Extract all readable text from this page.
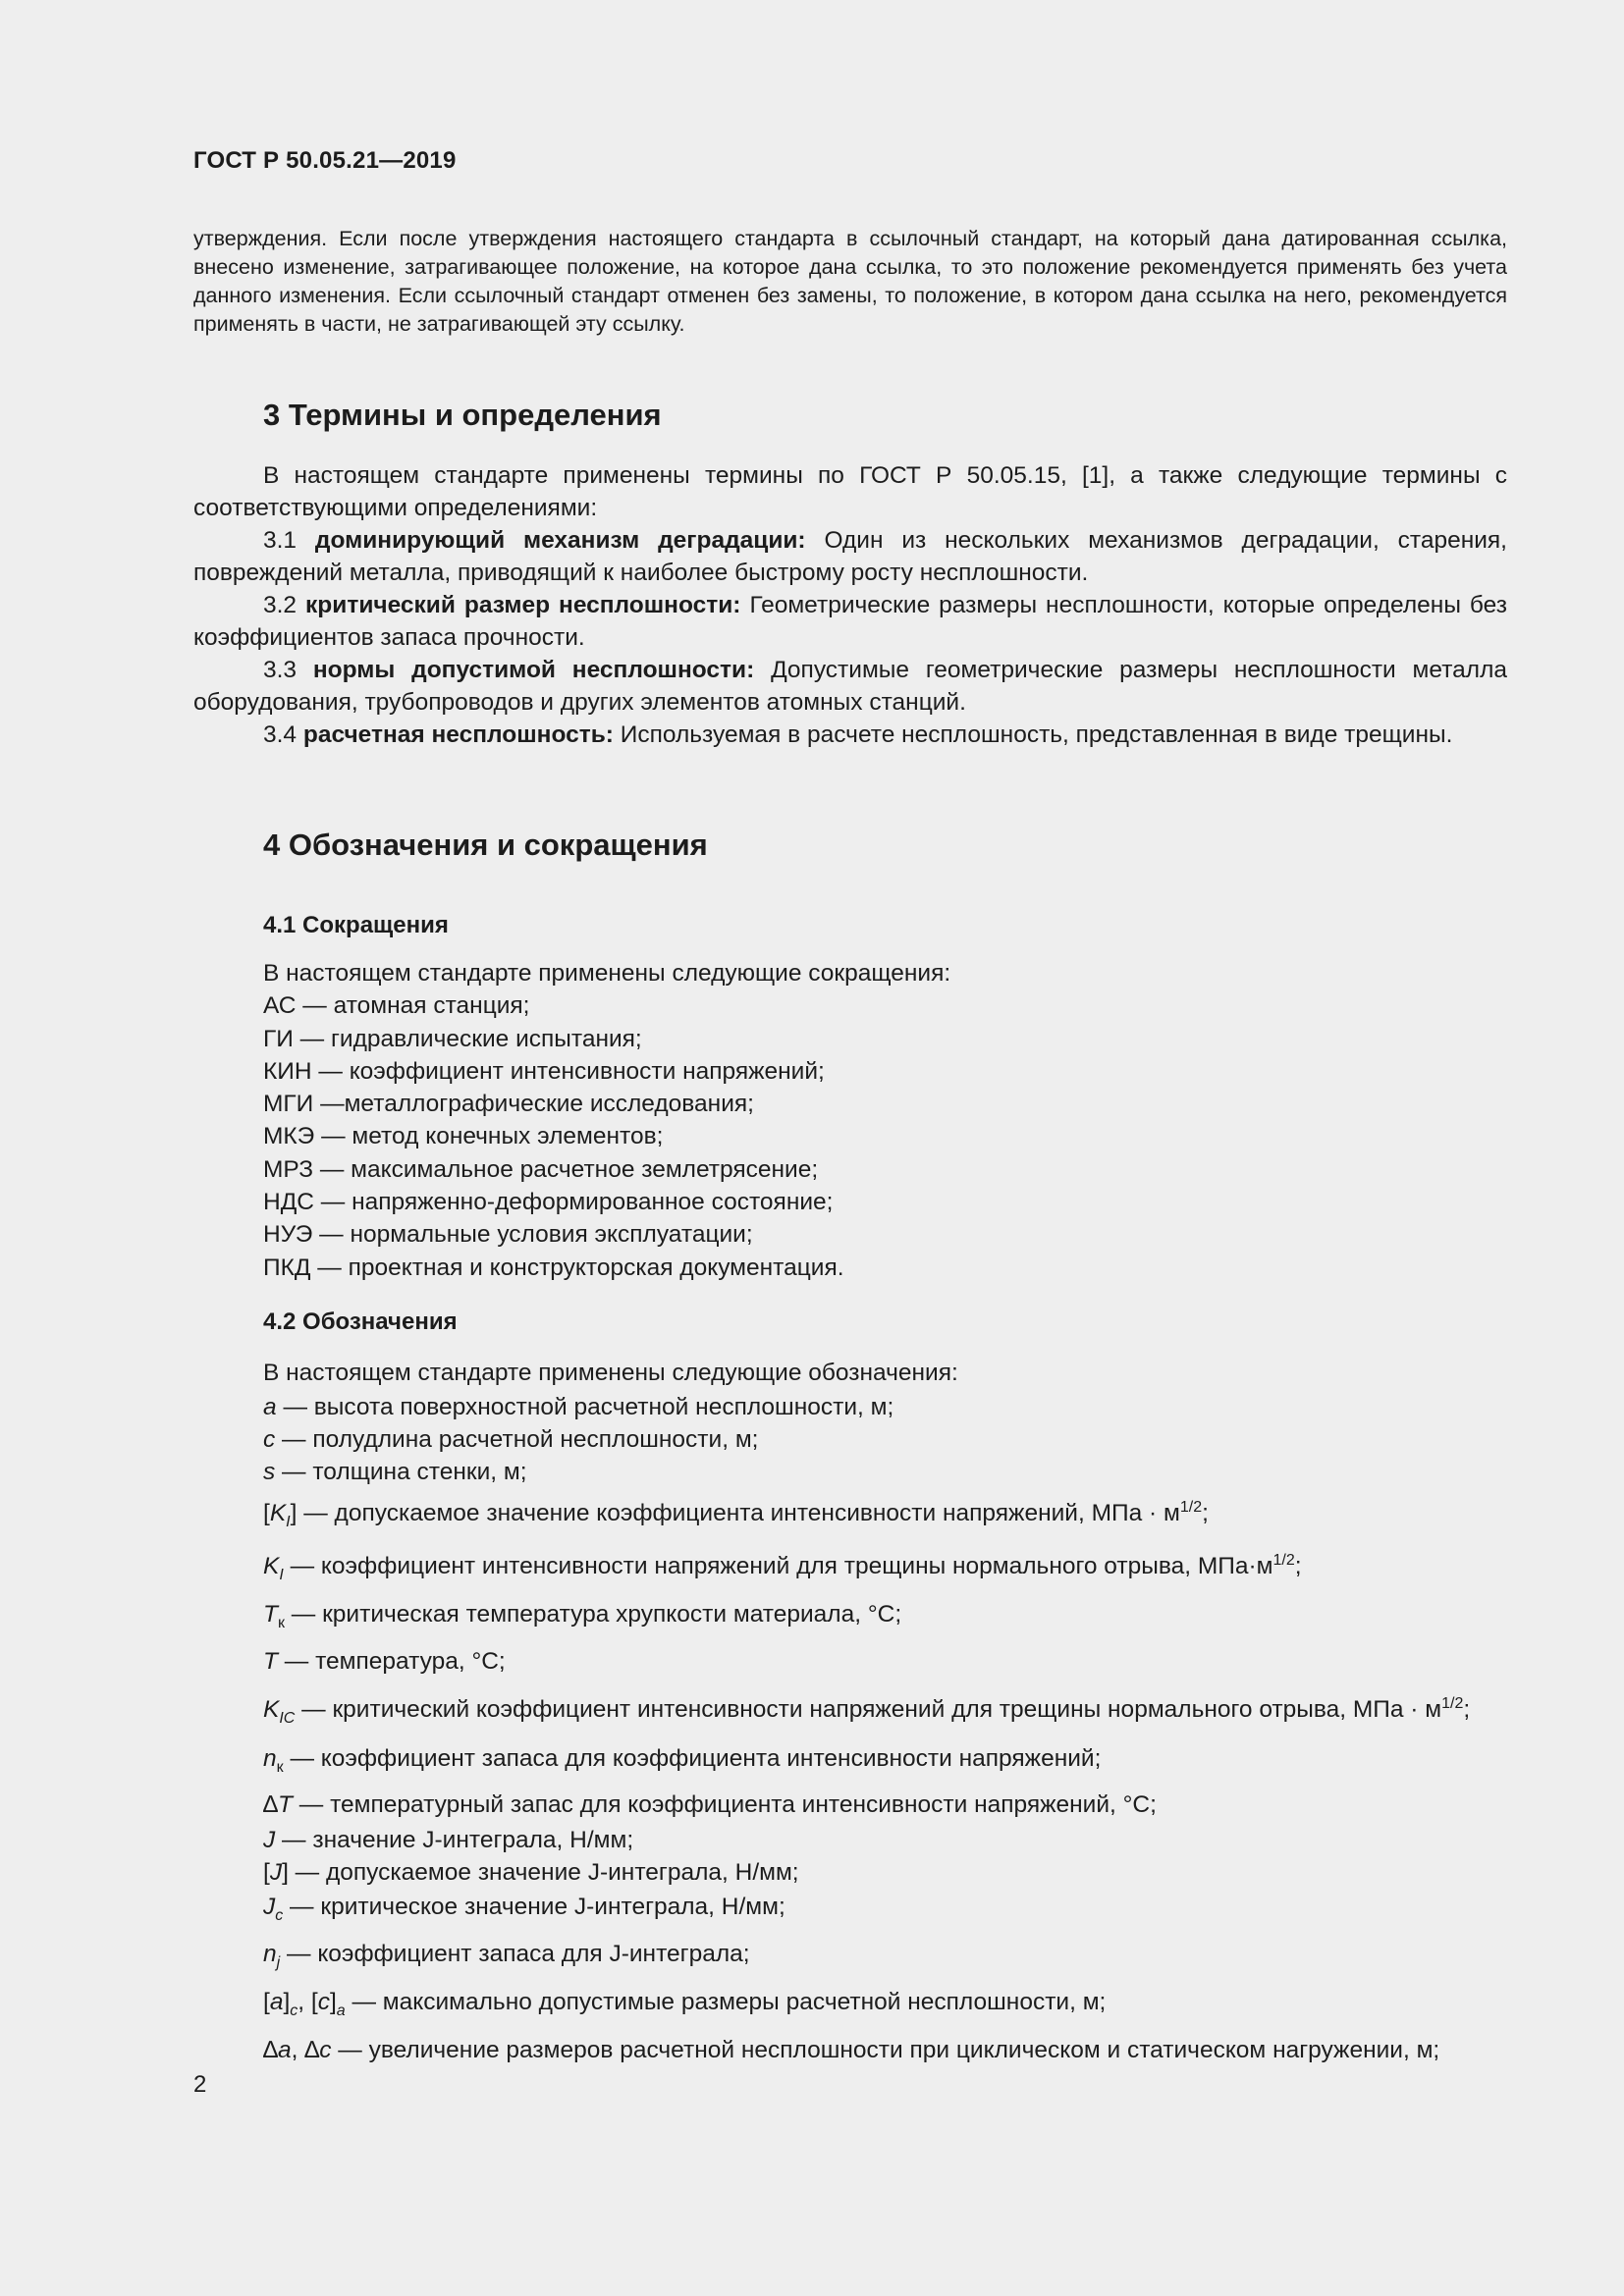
ГОСТ Р 50.05.21—2019

утверждения. Если после утверждения настоящего стандарта в ссылочный стандарт, на который дана датированная ссылка, внесено изменение, затрагивающее положение, на которое дана ссылка, то это положение рекомендуется применять без учета данного изменения. Если ссылочный стандарт отменен без замены, то положение, в котором дана ссылка на него, рекомендуется применять в части, не затрагивающей эту ссылку.

3 Термины и определения

В настоящем стандарте применены термины по ГОСТ Р 50.05.15, [1], а также следующие термины с соответствующими определениями:

3.1 доминирующий механизм деградации: Один из нескольких механизмов деградации, старения, повреждений металла, приводящий к наиболее быстрому росту несплошности.

3.2 критический размер несплошности: Геометрические размеры несплошности, которые определены без коэффициентов запаса прочности.

3.3 нормы допустимой несплошности: Допустимые геометрические размеры несплошности металла оборудования, трубопроводов и других элементов атомных станций.

3.4 расчетная несплошность: Используемая в расчете несплошность, представленная в виде трещины.

4 Обозначения и сокращения
4.1 Сокращения
В настоящем стандарте применены следующие сокращения:
АС — атомная станция;
ГИ — гидравлические испытания;
КИН — коэффициент интенсивности напряжений;
МГИ —металлографические исследования;
МКЭ — метод конечных элементов;
МРЗ — максимальное расчетное землетрясение;
НДС — напряженно-деформированное состояние;
НУЭ — нормальные условия эксплуатации;
ПКД — проектная и конструкторская документация.
4.2 Обозначения

В настоящем стандарте применены следующие обозначения:

a — высота поверхностной расчетной несплошности, м;

c — полудлина расчетной несплошности, м;

s — толщина стенки, м;

$[K_I]$ — допускаемое значение коэффициента интенсивности напряжений, МПа · $м^{1/2}$;

$K_I$ — коэффициент интенсивности напряжений для трещины нормального отрыва, $МПа\cdot м^{1/2}$;

$T_к$ — критическая температура хрупкости материала, °C;

T — температура, °C;

$K_{IC}$ — критический коэффициент интенсивности напряжений для трещины нормального отрыва, МПа · $м^{1/2}$;

$n_к$ — коэффициент запаса для коэффициента интенсивности напряжений;

∆T — температурный запас для коэффициента интенсивности напряжений, °C;

J — значение J-интеграла, Н/мм;

[J] — допускаемое значение J-интеграла, Н/мм;

$J_c$ — критическое значение J-интеграла, Н/мм;

$n_j$ — коэффициент запаса для J-интеграла;

$[a]_c$, $[c]_a$ — максимально допустимые размеры расчетной несплошности, м;

∆a, ∆c — увеличение размеров расчетной несплошности при циклическом и статическом нагружении, м;

2
